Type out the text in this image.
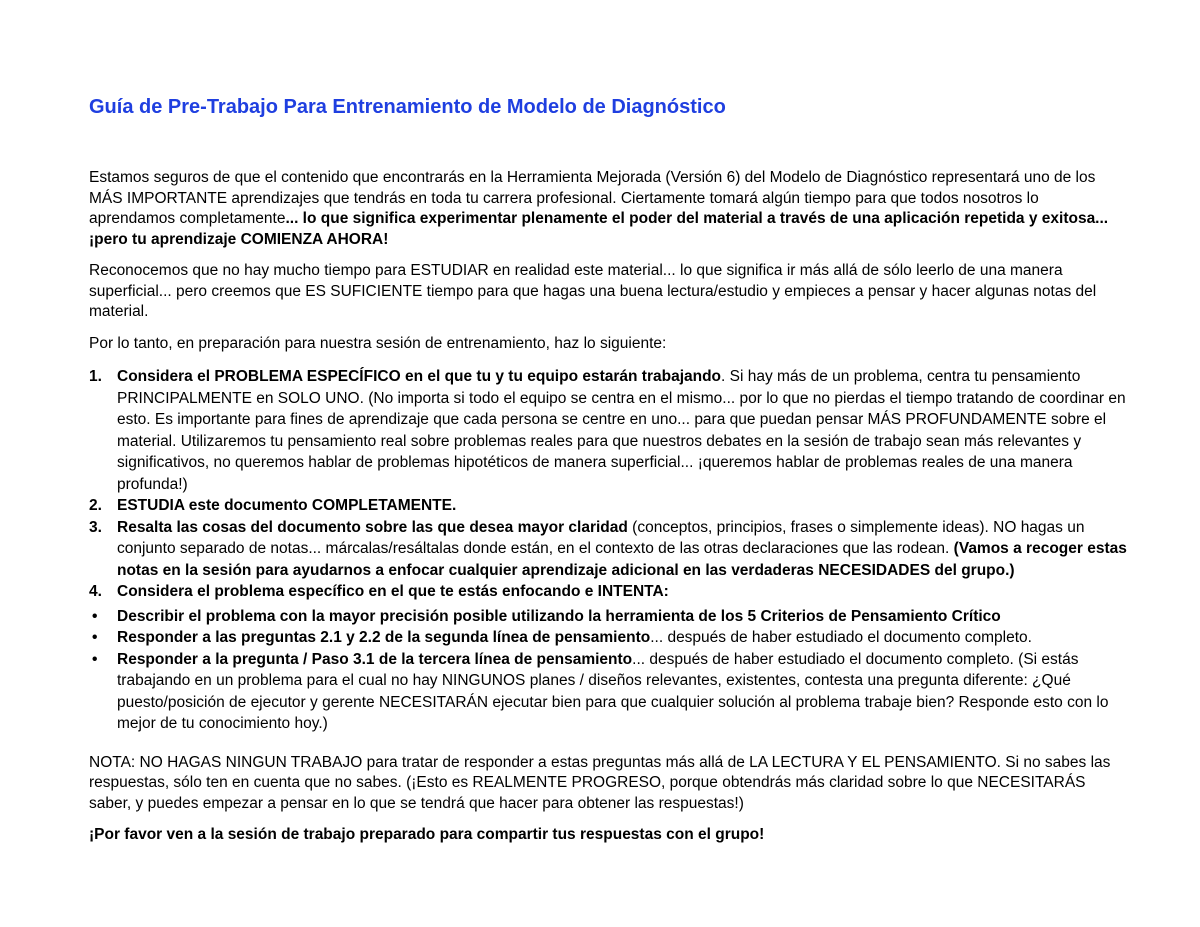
Guía de Pre-Trabajo Para Entrenamiento de Modelo de Diagnóstico

Estamos seguros de que el contenido que encontrarás en la Herramienta Mejorada (Versión 6) del Modelo de Diagnóstico representará uno de los MÁS IMPORTANTE aprendizajes que tendrás en toda tu carrera profesional. Ciertamente tomará algún tiempo para que todos nosotros lo aprendamos completamente... lo que significa experimentar plenamente el poder del material a través de una aplicación repetida y exitosa... ¡pero tu aprendizaje COMIENZA AHORA!

Reconocemos que no hay mucho tiempo para ESTUDIAR en realidad este material... lo que significa ir más allá de sólo leerlo de una manera superficial... pero creemos que ES SUFICIENTE tiempo para que hagas una buena lectura/estudio y empieces a pensar y hacer algunas notas del material.

Por lo tanto, en preparación para nuestra sesión de entrenamiento, haz lo siguiente:

1. Considera el PROBLEMA ESPECÍFICO en el que tu y tu equipo estarán trabajando. Si hay más de un problema, centra tu pensamiento PRINCIPALMENTE en SOLO UNO. (No importa si todo el equipo se centra en el mismo... por lo que no pierdas el tiempo tratando de coordinar en esto. Es importante para fines de aprendizaje que cada persona se centre en uno... para que puedan pensar MÁS PROFUNDAMENTE sobre el material. Utilizaremos tu pensamiento real sobre problemas reales para que nuestros debates en la sesión de trabajo sean más relevantes y significativos, no queremos hablar de problemas hipotéticos de manera superficial... ¡queremos hablar de problemas reales de una manera profunda!)
2. ESTUDIA este documento COMPLETAMENTE.
3. Resalta las cosas del documento sobre las que desea mayor claridad (conceptos, principios, frases o simplemente ideas). NO hagas un conjunto separado de notas... márcalas/resáltalas donde están, en el contexto de las otras declaraciones que las rodean. (Vamos a recoger estas notas en la sesión para ayudarnos a enfocar cualquier aprendizaje adicional en las verdaderas NECESIDADES del grupo.)
4. Considera el problema específico en el que te estás enfocando e INTENTA:
• Describir el problema con la mayor precisión posible utilizando la herramienta de los 5 Criterios de Pensamiento Crítico
• Responder a las preguntas 2.1 y 2.2 de la segunda línea de pensamiento... después de haber estudiado el documento completo.
• Responder a la pregunta / Paso 3.1 de la tercera línea de pensamiento... después de haber estudiado el documento completo. (Si estás trabajando en un problema para el cual no hay NINGUNOS planes / diseños relevantes, existentes, contesta una pregunta diferente: ¿Qué puesto/posición de ejecutor y gerente NECESITARÁN ejecutar bien para que cualquier solución al problema trabaje bien? Responde esto con lo mejor de tu conocimiento hoy.)

NOTA: NO HAGAS NINGUN TRABAJO para tratar de responder a estas preguntas más allá de LA LECTURA Y EL PENSAMIENTO. Si no sabes las respuestas, sólo ten en cuenta que no sabes. (¡Esto es REALMENTE PROGRESO, porque obtendrás más claridad sobre lo que NECESITARÁS saber, y puedes empezar a pensar en lo que se tendrá que hacer para obtener las respuestas!)

¡Por favor ven a la sesión de trabajo preparado para compartir tus respuestas con el grupo!
